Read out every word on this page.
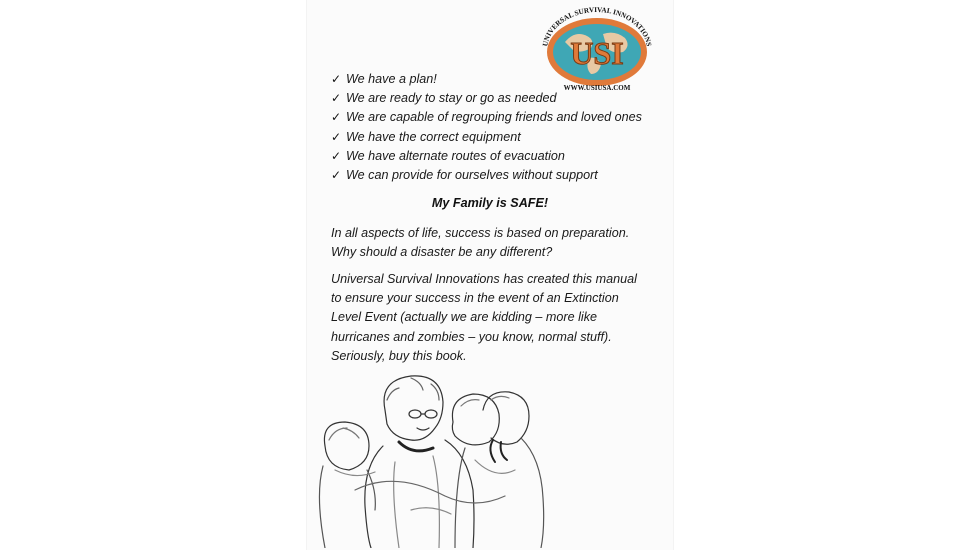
USI
UNIVERSAL SURVIVAL INNOVATIONS
WWW.USIUSA.COM
✓ We have a plan!
✓ We are ready to stay or go as needed
✓ We are capable of regrouping friends and loved ones
✓ We have the correct equipment
✓ We have alternate routes of evacuation
✓ We can provide for ourselves without support
My Family is SAFE!
In all aspects of life, success is based on preparation.
Why should a disaster be any different?
Universal Survival Innovations has created this manual
to ensure your success in the event of an Extinction
Level Event (actually we are kidding – more like
hurricanes and zombies – you know, normal stuff).
Seriously, buy this book.
